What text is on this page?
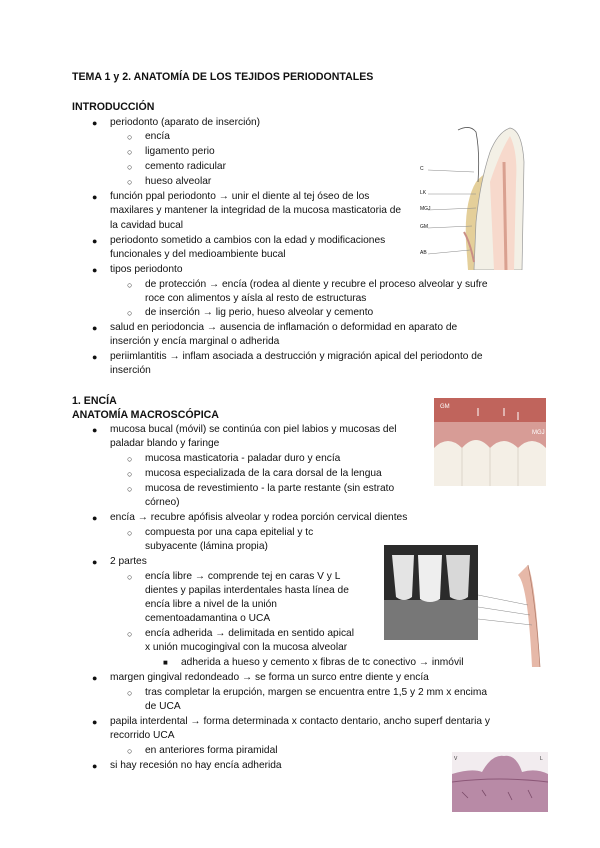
TEMA 1 y 2. ANATOMÍA DE LOS TEJIDOS PERIODONTALES
INTRODUCCIÓN
● periodonto (aparato de inserción)
○ encía
○ ligamento perio
○ cemento radicular
○ hueso alveolar
● función ppal periodonto → unir el diente al tej óseo de los
maxilares y mantener la integridad de la mucosa masticatoria de
la cavidad bucal
● periodonto sometido a cambios con la edad y modificaciones
funcionales y del medioambiente bucal
● tipos periodonto
○ de protección → encía (rodea al diente y recubre el proceso alveolar y sufre
roce con alimentos y aísla al resto de estructuras
○ de inserción → lig perio, hueso alveolar y cemento
● salud en periodoncia → ausencia de inflamación o deformidad en aparato de
inserción y encía marginal o adherida
● periimlantitis → inflam asociada a destrucción y migración apical del periodonto de
inserción
C
LK
MGJ
GM
AB
1. ENCÍA
ANATOMÍA MACROSCÓPICA
● mucosa bucal (móvil) se continúa con piel labios y mucosas del
paladar blando y faringe
○ mucosa masticatoria - paladar duro y encía
○ mucosa especializada de la cara dorsal de la lengua
○ mucosa de revestimiento - la parte restante (sin estrato
córneo)
● encía → recubre apófisis alveolar y rodea porción cervical dientes
○ compuesta por una capa epitelial y tc
subyacente (lámina propia)
● 2 partes
○ encía libre → comprende tej en caras V y L
dientes y papilas interdentales hasta línea de
encía libre a nivel de la unión
cementoadamantina o UCA
○ encía adherida → delimitada en sentido apical
x unión mucogingival con la mucosa alveolar
■ adherida a hueso y cemento x fibras de tc conectivo → inmóvil
● margen gingival redondeado → se forma un surco entre diente y encía
○ tras completar la erupción, margen se encuentra entre 1,5 y 2 mm x encima
de UCA
● papila interdental → forma determinada x contacto dentario, ancho superf dentaria y
recorrido UCA
○ en anteriores forma piramidal
● si hay recesión no hay encía adherida
GM
MGJ
V	L
